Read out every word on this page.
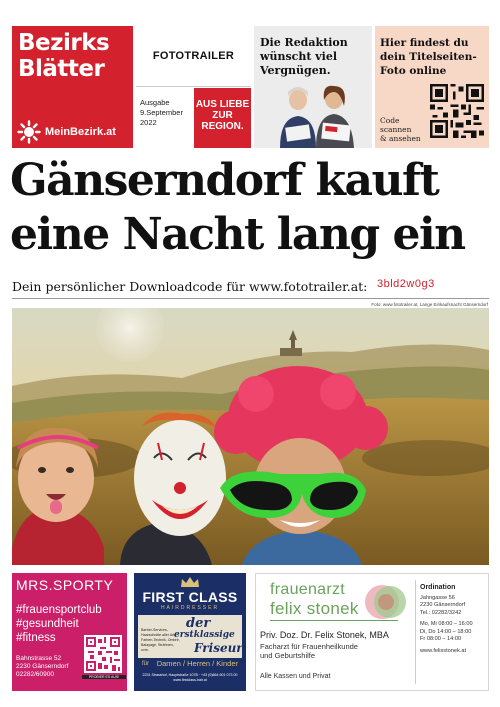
Bezirks
Blätter
MeinBezirk.at
FOTOTRAILER
Ausgabe
9.September
2022
AUS LIEBE
ZUR
REGION.
Die Redaktion
wünscht viel
Vergnügen.
Hier findest du
dein Titelseiten-
Foto online
Code
scannen
& ansehen
Gänserndorf kauft
eine Nacht lang ein
Dein persönlicher Downloadcode für www.fototrailer.at: 3bld2w0g3
Foto: www.fototrailer.at, Lange Einkaufsnacht Gänserndorf
MRS.SPORTY
#frauensportclub
#gesundheit
#fitness
Bahnstrasse 52
2230 Gänserndorf
02282/60900	PROBIER ES AUS!
FIRST CLASS
HAIRDRESSER
Barber-Services,
Haarschnitte aller Art,
Farben-Technik, Ombré,
Balayage, Strähnen,
uvm.
der
erstklassige
Friseur
für Damen / Herren / Kinder
2231 Strasshof, Hauptstraße 107B · +43 (0)664 601 073 00
www.firstclass-hair.at
frauenarzt
felix stonek
Priv. Doz. Dr. Felix Stonek, MBA
Facharzt für Frauenheilkunde
und Geburtshilfe
Alle Kassen und Privat
Ordination
Jahngasse 56
2230 Gänserndorf
Tel.: 02282/3242
Mo, Mi 08:00 – 16:00
Di, Do 14:00 – 18:00
Fr 08:00 – 14:00
www.felixstonek.at
